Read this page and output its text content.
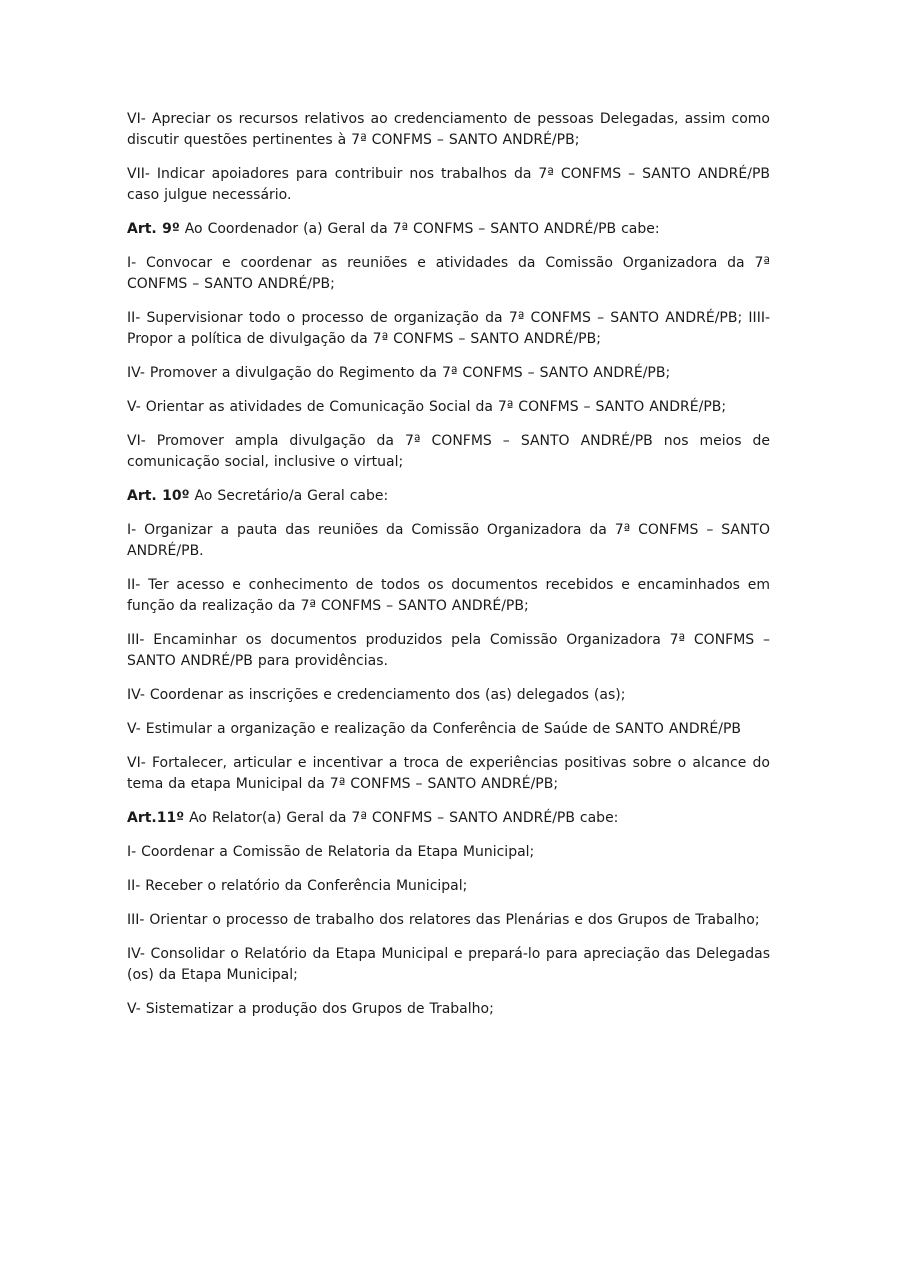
VI- Apreciar os recursos relativos ao credenciamento de pessoas Delegadas, assim como discutir questões pertinentes à 7ª CONFMS – SANTO ANDRÉ/PB;

VII- Indicar apoiadores para contribuir nos trabalhos da 7ª CONFMS – SANTO ANDRÉ/PB caso julgue necessário.

Art. 9º Ao Coordenador (a) Geral da 7ª CONFMS – SANTO ANDRÉ/PB cabe:

I- Convocar e coordenar as reuniões e atividades da Comissão Organizadora da 7ª CONFMS – SANTO ANDRÉ/PB;

II- Supervisionar todo o processo de organização da 7ª CONFMS – SANTO ANDRÉ/PB; IIII- Propor a política de divulgação da 7ª CONFMS – SANTO ANDRÉ/PB;

IV- Promover a divulgação do Regimento da 7ª CONFMS – SANTO ANDRÉ/PB;

V- Orientar as atividades de Comunicação Social da 7ª CONFMS – SANTO ANDRÉ/PB;

VI- Promover ampla divulgação da 7ª CONFMS – SANTO ANDRÉ/PB nos meios de comunicação social, inclusive o virtual;

Art. 10º Ao Secretário/a Geral cabe:

I- Organizar a pauta das reuniões da Comissão Organizadora da 7ª CONFMS – SANTO ANDRÉ/PB.

II- Ter acesso e conhecimento de todos os documentos recebidos e encaminhados em função da realização da 7ª CONFMS – SANTO ANDRÉ/PB;

III- Encaminhar os documentos produzidos pela Comissão Organizadora 7ª CONFMS – SANTO ANDRÉ/PB para providências.

IV- Coordenar as inscrições e credenciamento dos (as) delegados (as);

V- Estimular a organização e realização da Conferência de Saúde de SANTO ANDRÉ/PB

VI- Fortalecer, articular e incentivar a troca de experiências positivas sobre o alcance do tema da etapa Municipal da 7ª CONFMS – SANTO ANDRÉ/PB;

Art.11º Ao Relator(a) Geral da 7ª CONFMS – SANTO ANDRÉ/PB cabe:

I- Coordenar a Comissão de Relatoria da Etapa Municipal;

II- Receber o relatório da Conferência Municipal;

III- Orientar o processo de trabalho dos relatores das Plenárias e dos Grupos de Trabalho;

IV- Consolidar o Relatório da Etapa Municipal e prepará-lo para apreciação das Delegadas (os) da Etapa Municipal;

V- Sistematizar a produção dos Grupos de Trabalho;
